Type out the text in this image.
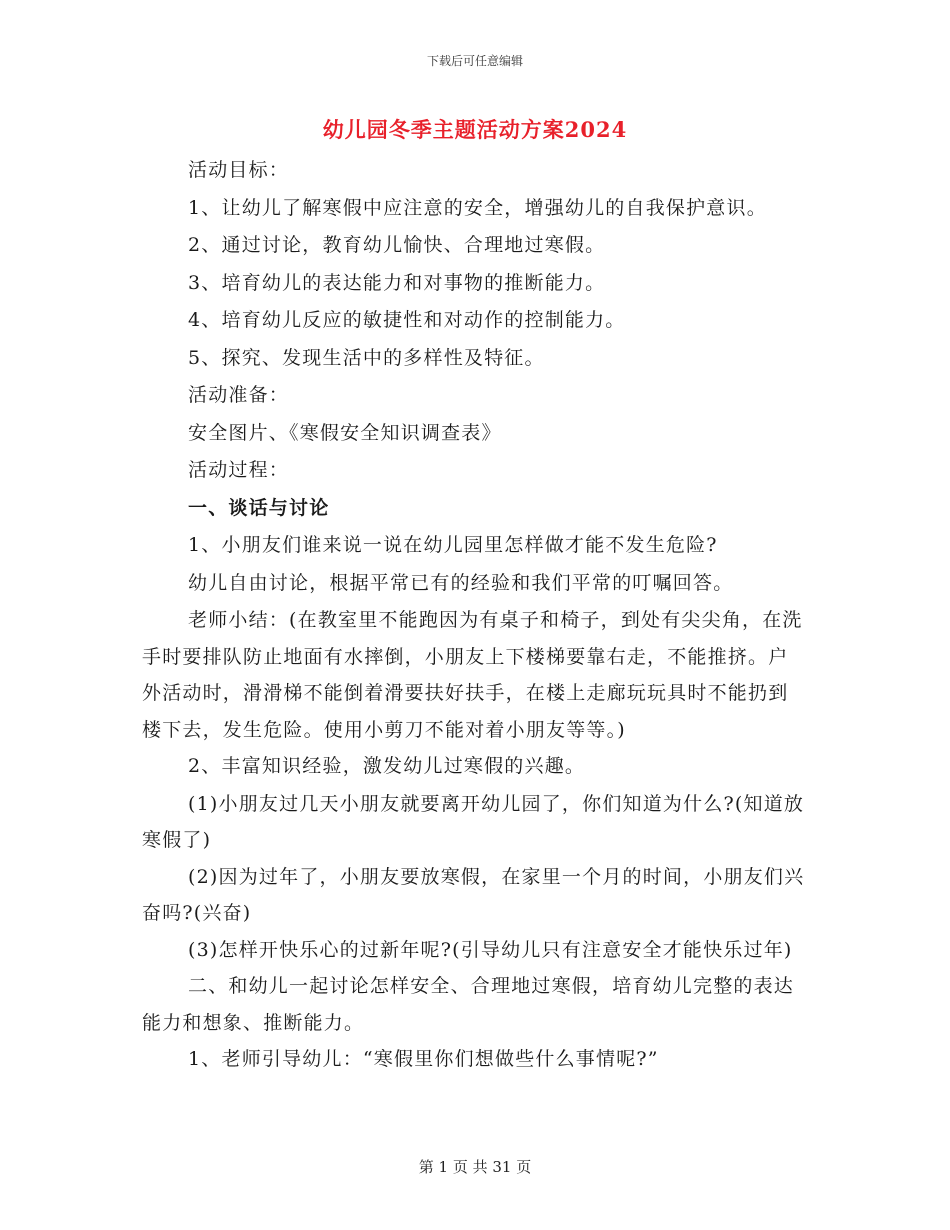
下载后可任意编辑
幼儿园冬季主题活动方案2024

活动目标：

1、让幼儿了解寒假中应注意的安全，增强幼儿的自我保护意识。

2、通过讨论，教育幼儿愉快、合理地过寒假。

3、培育幼儿的表达能力和对事物的推断能力。

4、培育幼儿反应的敏捷性和对动作的控制能力。

5、探究、发现生活中的多样性及特征。

活动准备：

安全图片、《寒假安全知识调查表》

活动过程：

一、谈话与讨论

1、小朋友们谁来说一说在幼儿园里怎样做才能不发生危险?

幼儿自由讨论，根据平常已有的经验和我们平常的叮嘱回答。

老师小结：(在教室里不能跑因为有桌子和椅子，到处有尖尖角，在洗手时要排队防止地面有水摔倒，小朋友上下楼梯要靠右走，不能推挤。户外活动时，滑滑梯不能倒着滑要扶好扶手，在楼上走廊玩玩具时不能扔到楼下去，发生危险。使用小剪刀不能对着小朋友等等。)

2、丰富知识经验，激发幼儿过寒假的兴趣。

(1)小朋友过几天小朋友就要离开幼儿园了，你们知道为什么?(知道放寒假了)

(2)因为过年了，小朋友要放寒假，在家里一个月的时间，小朋友们兴奋吗?(兴奋)

(3)怎样开快乐心的过新年呢?(引导幼儿只有注意安全才能快乐过年)

二、和幼儿一起讨论怎样安全、合理地过寒假，培育幼儿完整的表达能力和想象、推断能力。

1、老师引导幼儿：“寒假里你们想做些什么事情呢?”

第 1 页 共 31 页
